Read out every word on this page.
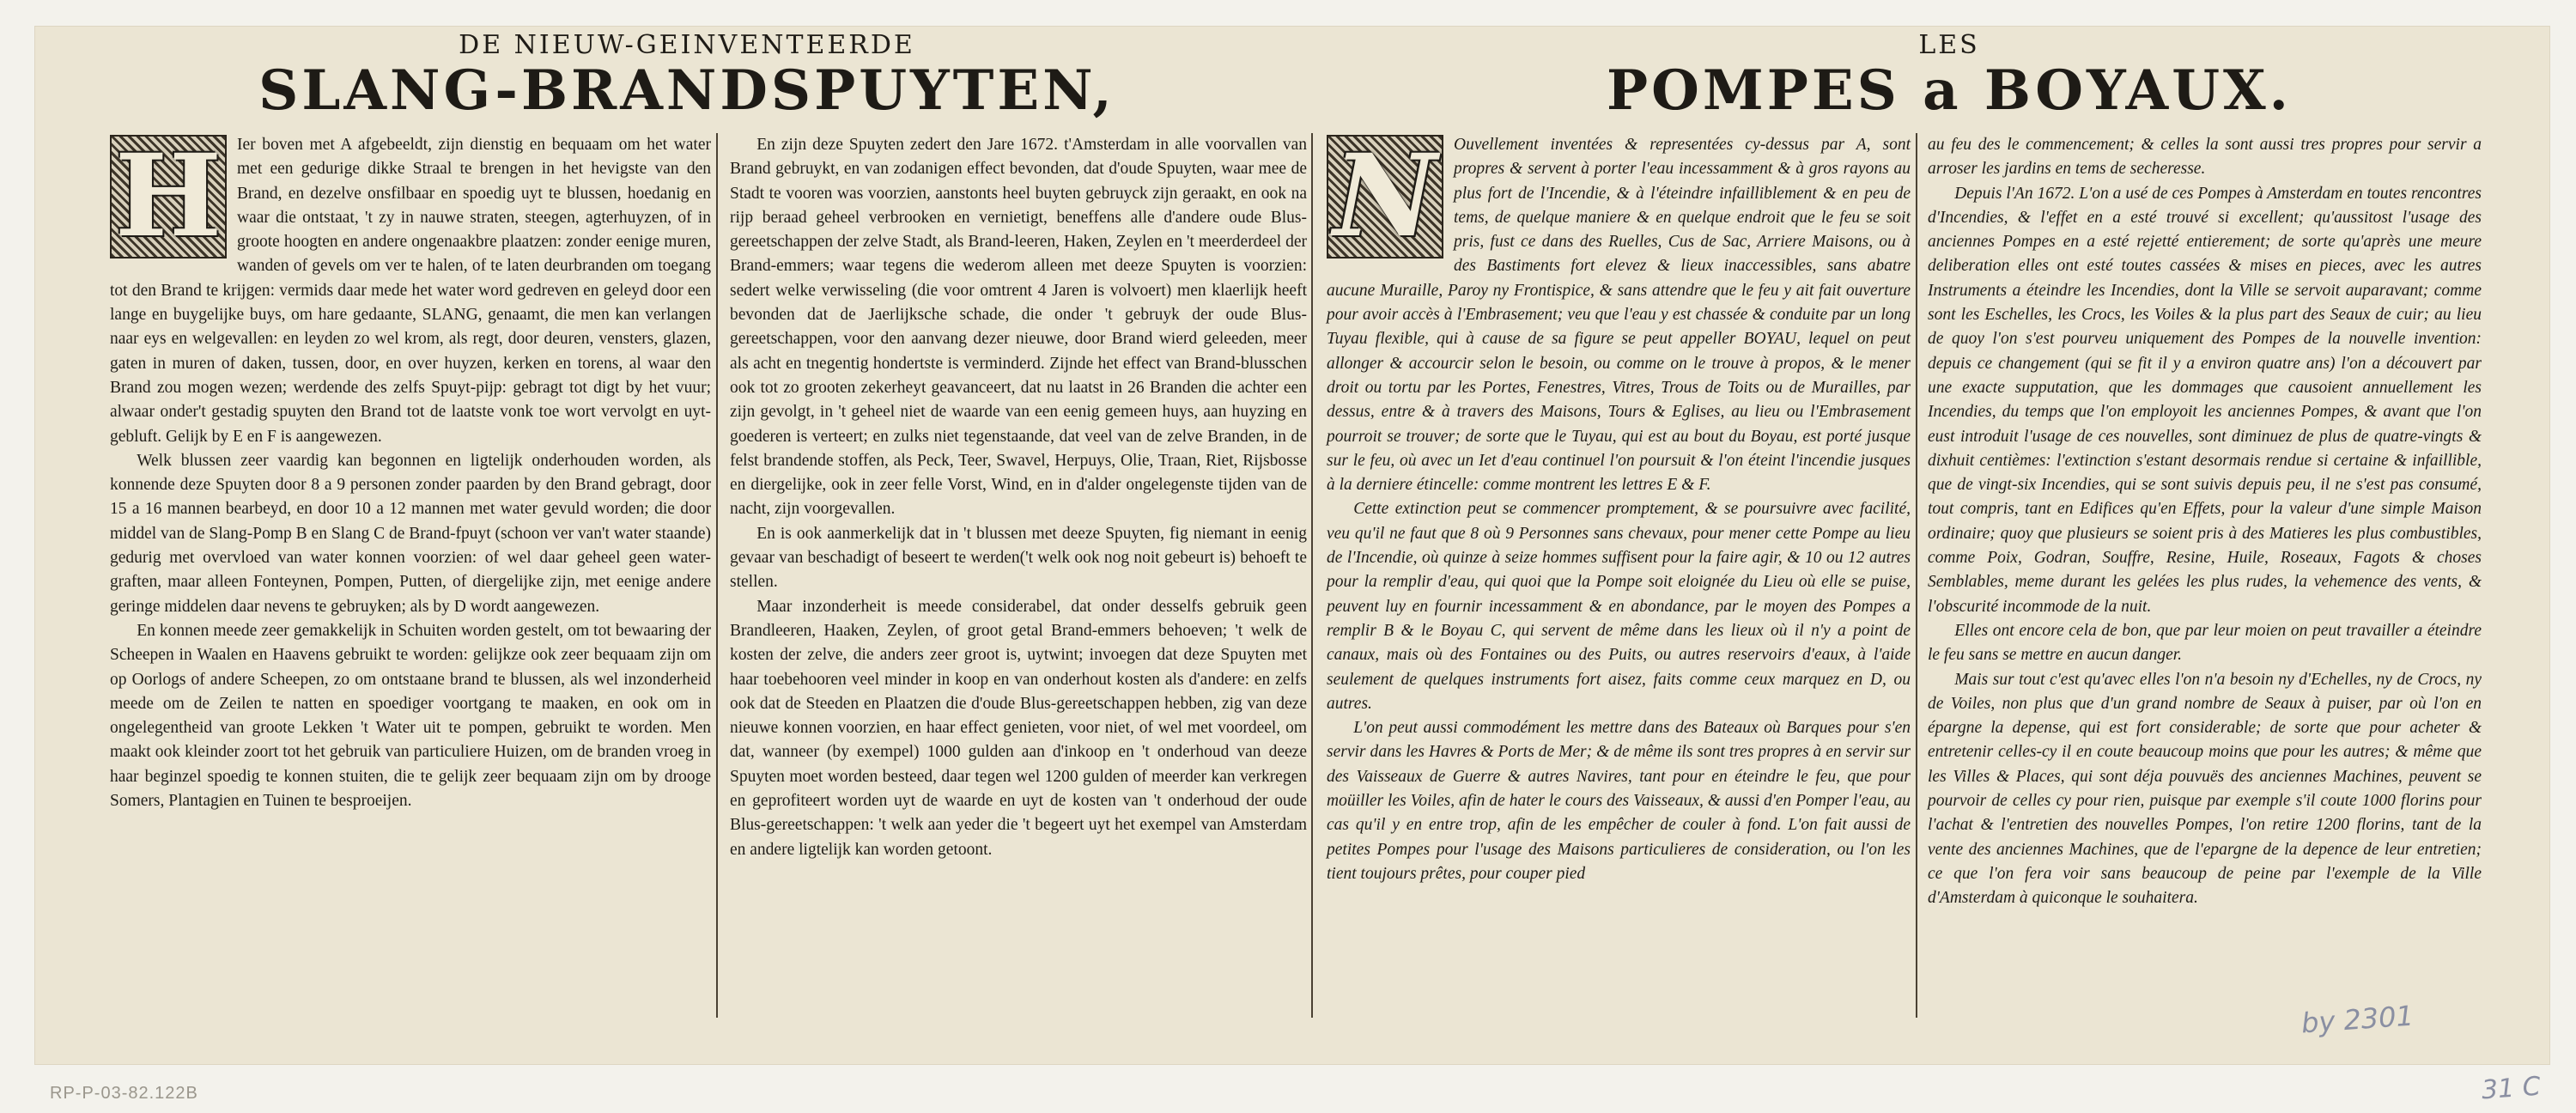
DE NIEUW-GEINVENTEERDE
SLANG-BRANDSPUYTEN,
LES
POMPES a BOYAUX.
H Ier boven met A afgebeeldt, zijn dienstig en bequaam om het water met een gedurige dikke Straal te brengen in het hevigste van den Brand, en dezelve onsfilbaar en spoedig uyt te blussen, hoedanig en waar die ontstaat, 't zy in nauwe straten, steegen, agterhuyzen, of in groote hoogten en andere ongenaakbre plaatzen: zonder eenige muren, wanden of gevels om ver te halen, of te laten deurbranden om toegang tot den Brand te krijgen: vermids daar mede het water word gedreven en geleyd door een lange en buygelijke buys, om hare gedaante, SLANG, genaamt, die men kan verlangen naar eys en welgevallen: en leyden zo wel krom, als regt, door deuren, vensters, glazen, gaten in muren of daken, tussen, door, en over huyzen, kerken en torens, al waar den Brand zou mogen wezen; werdende des zelfs Spuyt-pijp: gebragt tot digt by het vuur; alwaar onder't gestadig spuyten den Brand tot de laatste vonk toe wort vervolgt en uyt-gebluft. Gelijk by E en F is aangewezen.

Welk blussen zeer vaardig kan begonnen en ligtelijk onderhouden worden, als konnende deze Spuyten door 8 a 9 personen zonder paarden by den Brand gebragt, door 15 a 16 mannen bearbeyd, en door 10 a 12 mannen met water gevuld worden; die door middel van de Slang-Pomp B en Slang C de Brand-fpuyt (schoon ver van't water staande) gedurig met overvloed van water konnen voorzien: of wel daar geheel geen water-graften, maar alleen Fonteynen, Pompen, Putten, of diergelijke zijn, met eenige andere geringe middelen daar nevens te gebruyken; als by D wordt aangewezen.

En konnen meede zeer gemakkelijk in Schuiten worden gestelt, om tot bewaaring der Scheepen in Waalen en Haavens gebruikt te worden: gelijkze ook zeer bequaam zijn om op Oorlogs of andere Scheepen, zo om ontstaane brand te blussen, als wel inzonderheid meede om de Zeilen te natten en spoediger voortgang te maaken, en ook om in ongelegentheid van groote Lekken 't Water uit te pompen, gebruikt te worden. Men maakt ook kleinder zoort tot het gebruik van particuliere Huizen, om de branden vroeg in haar beginzel spoedig te konnen stuiten, die te gelijk zeer bequaam zijn om by drooge Somers, Plantagien en Tuinen te besproeijen.

En zijn deze Spuyten zedert den Jare 1672. t'Amsterdam in alle voorvallen van Brand gebruykt, en van zodanigen effect bevonden, dat d'oude Spuyten, waar mee de Stadt te vooren was voorzien, aanstonts heel buyten gebruyck zijn geraakt, en ook na rijp beraad geheel verbrooken en vernietigt, beneffens alle d'andere oude Blus-gereetschappen der zelve Stadt, als Brand-leeren, Haken, Zeylen en 't meerderdeel der Brand-emmers; waar tegens die wederom alleen met deeze Spuyten is voorzien: sedert welke verwisseling (die voor omtrent 4 Jaren is volvoert) men klaerlijk heeft bevonden dat de Jaerlijksche schade, die onder 't gebruyk der oude Blus-gereetschappen, voor den aanvang dezer nieuwe, door Brand wierd geleeden, meer als acht en tnegentig hondertste is verminderd. Zijnde het effect van Brand-blusschen ook tot zo grooten zekerheyt geavanceert, dat nu laatst in 26 Branden die achter een zijn gevolgt, in 't geheel niet de waarde van een eenig gemeen huys, aan huyzing en goederen is verteert; en zulks niet tegenstaande, dat veel van de zelve Branden, in de felst brandende stoffen, als Peck, Teer, Swavel, Herpuys, Olie, Traan, Riet, Rijsbosse en diergelijke, ook in zeer felle Vorst, Wind, en in d'alder ongelegenste tijden van de nacht, zijn voorgevallen.

En is ook aanmerkelijk dat in 't blussen met deeze Spuyten, fig niemant in eenig gevaar van beschadigt of beseert te werden('t welk ook nog noit gebeurt is) behoeft te stellen.

Maar inzonderheit is meede considerabel, dat onder desselfs gebruik geen Brandleeren, Haaken, Zeylen, of groot getal Brand-emmers behoeven; 't welk de kosten der zelve, die anders zeer groot is, uytwint; invoegen dat deze Spuyten met haar toebehooren veel minder in koop en van onderhout kosten als d'andere: en zelfs ook dat de Steeden en Plaatzen die d'oude Blus-gereetschappen hebben, zig van deze nieuwe konnen voorzien, en haar effect genieten, voor niet, of wel met voordeel, om dat, wanneer (by exempel) 1000 gulden aan d'inkoop en 't onderhoud van deeze Spuyten moet worden besteed, daar tegen wel 1200 gulden of meerder kan verkregen en geprofiteert worden uyt de waarde en uyt de kosten van 't onderhoud der oude Blus-gereetschappen: 't welk aan yeder die 't begeert uyt het exempel van Amsterdam en andere ligtelijk kan worden getoont.

N	Ouvellement inventées & representées cy-dessus par A, sont propres & servent à porter l'eau incessamment & à gros rayons au plus fort de l'Incendie, & à l'éteindre infailliblement & en peu de tems, de quelque maniere & en quelque endroit que le feu se soit pris, fust ce dans des Ruelles, Cus de Sac, Arriere Maisons, ou à des Bastiments fort elevez & lieux inaccessibles, sans abatre aucune Muraille, Paroy ny Frontispice, & sans attendre que le feu y ait fait ouverture pour avoir accès à l'Embrasement; veu que l'eau y est chassée & conduite par un long Tuyau flexible, qui à cause de sa figure se peut appeller BOYAU, lequel on peut allonger & accourcir selon le besoin, ou comme on le trouve à propos, & le mener droit ou tortu par les Portes, Fenestres, Vitres, Trous de Toits ou de Murailles, par dessus, entre & à travers des Maisons, Tours & Eglises, au lieu ou l'Embrasement pourroit se trouver; de sorte que le Tuyau, qui est au bout du Boyau, est porté jusque sur le feu, où avec un Iet d'eau continuel l'on poursuit & l'on éteint l'incendie jusques à la derniere étincelle: comme montrent les lettres E & F.

Cette extinction peut se commencer promptement, & se poursuivre avec facilité, veu qu'il ne faut que 8 où 9 Personnes sans chevaux, pour mener cette Pompe au lieu de l'Incendie, où quinze à seize hommes suffisent pour la faire agir, & 10 ou 12 autres pour la remplir d'eau, qui quoi que la Pompe soit eloignée du Lieu où elle se puise, peuvent luy en fournir incessamment & en abondance, par le moyen des Pompes a remplir B & le Boyau C, qui servent de même dans les lieux où il n'y a point de canaux, mais où des Fontaines ou des Puits, ou autres reservoirs d'eaux, à l'aide seulement de quelques instruments fort aisez, faits comme ceux marquez en D, ou autres.

L'on peut aussi commodément les mettre dans des Bateaux où Barques pour s'en servir dans les Havres & Ports de Mer; & de même ils sont tres propres à en servir sur des Vaisseaux de Guerre & autres Navires, tant pour en éteindre le feu, que pour moüiller les Voiles, afin de hater le cours des Vaisseaux, & aussi d'en Pomper l'eau, au cas qu'il y en entre trop, afin de les empêcher de couler à fond. L'on fait aussi de petites Pompes pour l'usage des Maisons particulieres de consideration, ou l'on les tient toujours prêtes, pour couper pied

au feu des le commencement; & celles la sont aussi tres propres pour servir a arroser les jardins en tems de secheresse.

Depuis l'An 1672. L'on a usé de ces Pompes à Amsterdam en toutes rencontres d'Incendies, & l'effet en a esté trouvé si excellent; qu'aussitost l'usage des anciennes Pompes en a esté rejetté entierement; de sorte qu'après une meure deliberation elles ont esté toutes cassées & mises en pieces, avec les autres Instruments a éteindre les Incendies, dont la Ville se servoit auparavant; comme sont les Eschelles, les Crocs, les Voiles & la plus part des Seaux de cuir; au lieu de quoy l'on s'est pourveu uniquement des Pompes de la nouvelle invention: depuis ce changement (qui se fit il y a environ quatre ans) l'on a découvert par une exacte supputation, que les dommages que causoient annuellement les Incendies, du temps que l'on employoit les anciennes Pompes, & avant que l'on eust introduit l'usage de ces nouvelles, sont diminuez de plus de quatre-vingts & dixhuit centièmes: l'extinction s'estant desormais rendue si certaine & infaillible, que de vingt-six Incendies, qui se sont suivis depuis peu, il ne s'est pas consumé, tout compris, tant en Edifices qu'en Effets, pour la valeur d'une simple Maison ordinaire; quoy que plusieurs se soient pris à des Matieres les plus combustibles, comme Poix, Godran, Souffre, Resine, Huile, Roseaux, Fagots & choses Semblables, meme durant les gelées les plus rudes, la vehemence des vents, & l'obscurité incommode de la nuit.

Elles ont encore cela de bon, que par leur moien on peut travailler a éteindre le feu sans se mettre en aucun danger.

Mais sur tout c'est qu'avec elles l'on n'a besoin ny d'Echelles, ny de Crocs, ny de Voiles, non plus que d'un grand nombre de Seaux à puiser, par où l'on en épargne la depense, qui est fort considerable; de sorte que pour acheter & entretenir celles-cy il en coute beaucoup moins que pour les autres; & même que les Villes & Places, qui sont déja pouvuës des anciennes Machines, peuvent se pourvoir de celles cy pour rien, puisque par exemple s'il coute 1000 florins pour l'achat & l'entretien des nouvelles Pompes, l'on retire 1200 florins, tant de la vente des anciennes Machines, que de l'epargne de la depence de leur entretien; ce que l'on fera voir sans beaucoup de peine par l'exemple de la Ville d'Amsterdam à quiconque le souhaitera.

RP-P-03-82.122B
by 2301
31 C
